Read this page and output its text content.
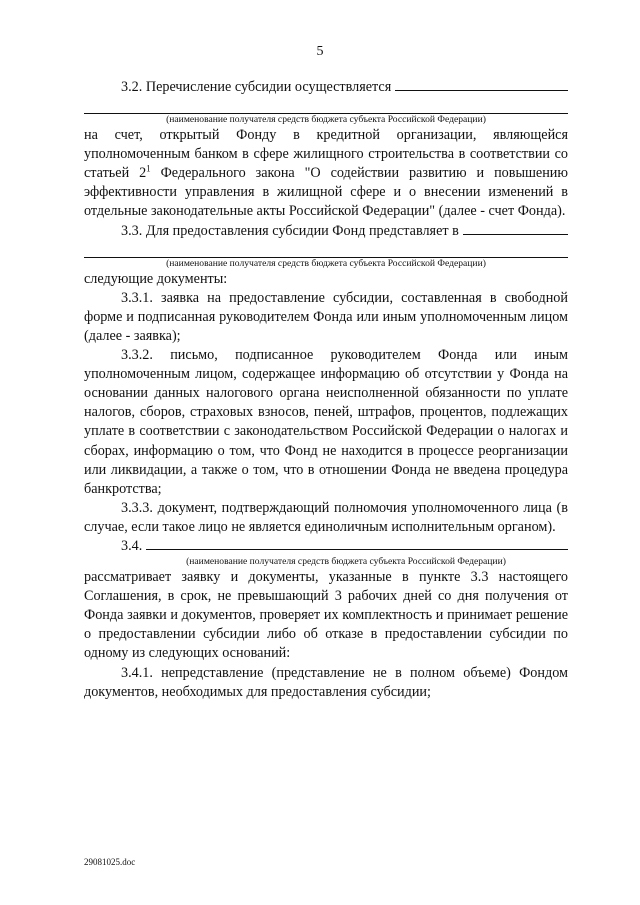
5
3.2. Перечисление субсидии осуществляется

(наименование получателя средств бюджета субъекта Российской Федерации)

на счет, открытый Фонду в кредитной организации, являющейся уполномоченным банком в сфере жилищного строительства в соответствии со статьей $2^1$ Федерального закона "О содействии развитию и повышению эффективности управления в жилищной сфере и о внесении изменений в отдельные законодательные акты Российской Федерации" (далее - счет Фонда).

3.3. Для предоставления субсидии Фонд представляет в

(наименование получателя средств бюджета субъекта Российской Федерации)

следующие документы:

3.3.1. заявка на предоставление субсидии, составленная в свободной форме и подписанная руководителем Фонда или иным уполномоченным лицом (далее - заявка);

3.3.2. письмо, подписанное руководителем Фонда или иным уполномоченным лицом, содержащее информацию об отсутствии у Фонда на основании данных налогового органа неисполненной обязанности по уплате налогов, сборов, страховых взносов, пеней, штрафов, процентов, подлежащих уплате в соответствии с законодательством Российской Федерации о налогах и сборах, информацию о том, что Фонд не находится в процессе реорганизации или ликвидации, а также о том, что в отношении Фонда не введена процедура банкротства;

3.3.3. документ, подтверждающий полномочия уполномоченного лица (в случае, если такое лицо не является единоличным исполнительным органом).

3.4.

(наименование получателя средств бюджета субъекта Российской Федерации)

рассматривает заявку и документы, указанные в пункте 3.3 настоящего Соглашения, в срок, не превышающий 3 рабочих дней со дня получения от Фонда заявки и документов, проверяет их комплектность и принимает решение о предоставлении субсидии либо об отказе в предоставлении субсидии по одному из следующих оснований:

3.4.1. непредставление (представление не в полном объеме) Фондом документов, необходимых для предоставления субсидии;

29081025.doc
